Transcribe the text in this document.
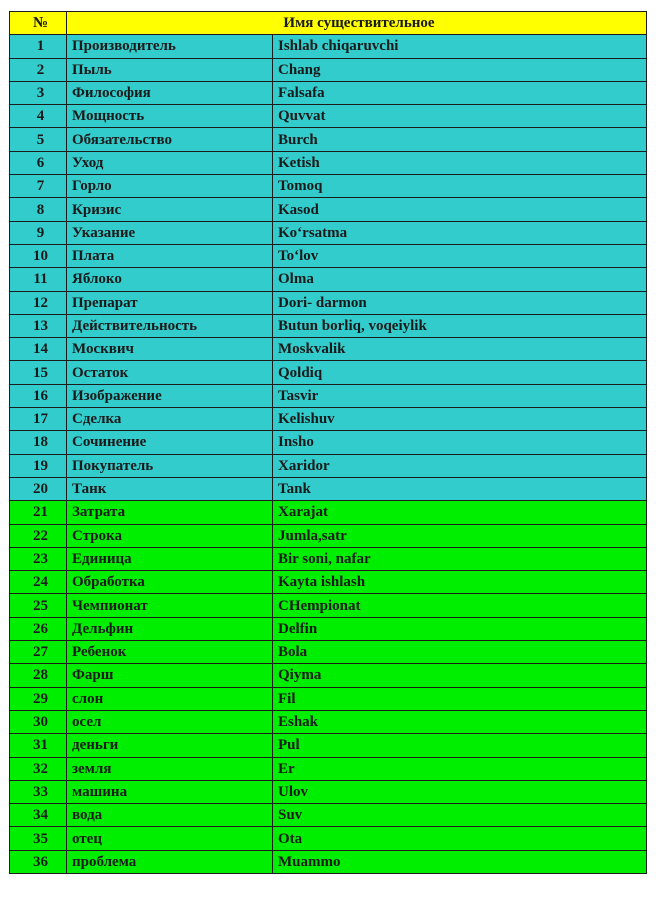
№	Имя существительное	
1	Производитель	Ishlab chiqaruvchi
2	Пыль	Chang
3	Философия	Falsafa
4	Мощность	Quvvat
5	Обязательство	Burch
6	Уход	Ketish
7	Горло	Tomoq
8	Кризис	Kasod
9	Указание	Ko‘rsatma
10	Плата	To‘lov
11	Яблоко	Olma
12	Препарат	Dori- darmon
13	Действительность	Butun borliq, voqeiylik
14	Москвич	Moskvalik
15	Остаток	Qoldiq
16	Изображение	Tasvir
17	Сделка	Kelishuv
18	Сочинение	Insho
19	Покупатель	Xaridor
20	Танк	Tank
21	Затрата	Xarajat
22	Строка	Jumla,satr
23	Единица	Bir soni, nafar
24	Обработка	Kayta ishlash
25	Чемпионат	CHempionat
26	Дельфин	Delfin
27	Ребенок	Bola
28	Фарш	Qiyma
29	слон	Fil
30	осел	Eshak
31	деньги	Pul
32	земля	Er
33	машина	Ulov
34	вода	Suv
35	отец	Ota
36	проблема	Muammo
